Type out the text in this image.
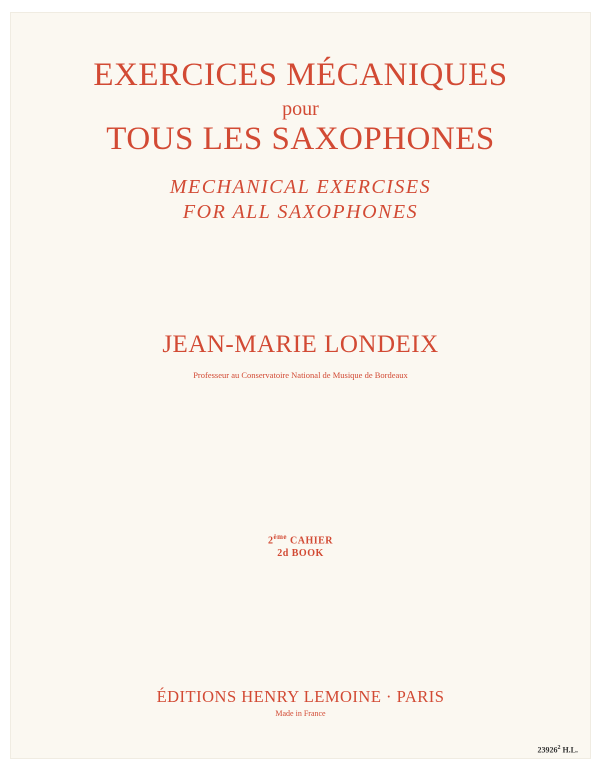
EXERCICES MÉCANIQUES

pour

TOUS LES SAXOPHONES

MECHANICAL EXERCISES

FOR ALL SAXOPHONES

JEAN-MARIE LONDEIX

Professeur au Conservatoire National de Musique de Bordeaux

2ème CAHIER

2d BOOK

ÉDITIONS HENRY LEMOINE · PARIS

Made in France

23926$^2$ H.L.
